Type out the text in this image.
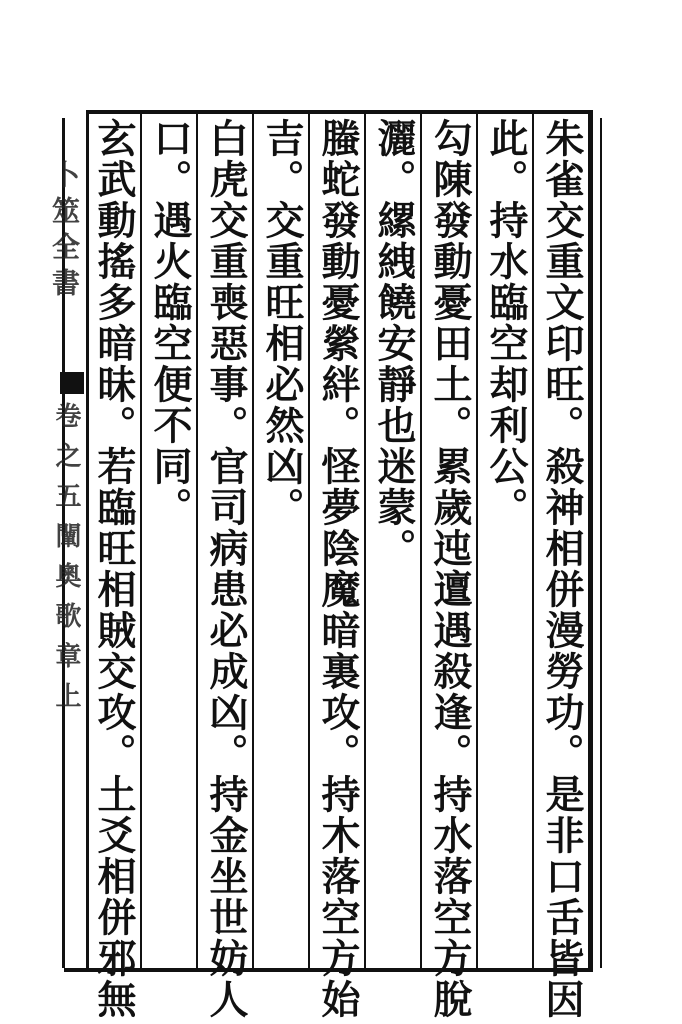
朱雀交重文印旺。殺神相併漫勞功。是非口舌皆因
此。持水臨空却利公。
勾陳發動憂田土。累歲迍邅遇殺逢。持水落空方脫
灑。縲絏饒安靜也迷蒙。
螣蛇發動憂縈絆。怪夢陰魔暗裏攻。持木落空方始
吉。交重旺相必然凶。
白虎交重喪惡事。官司病患必成凶。持金坐世妨人
口。遇火臨空便不同。
玄武動搖多暗昧。若臨旺相賊交攻。土爻相併邪無
卜筮全書
卷之五闡奧歌章上
